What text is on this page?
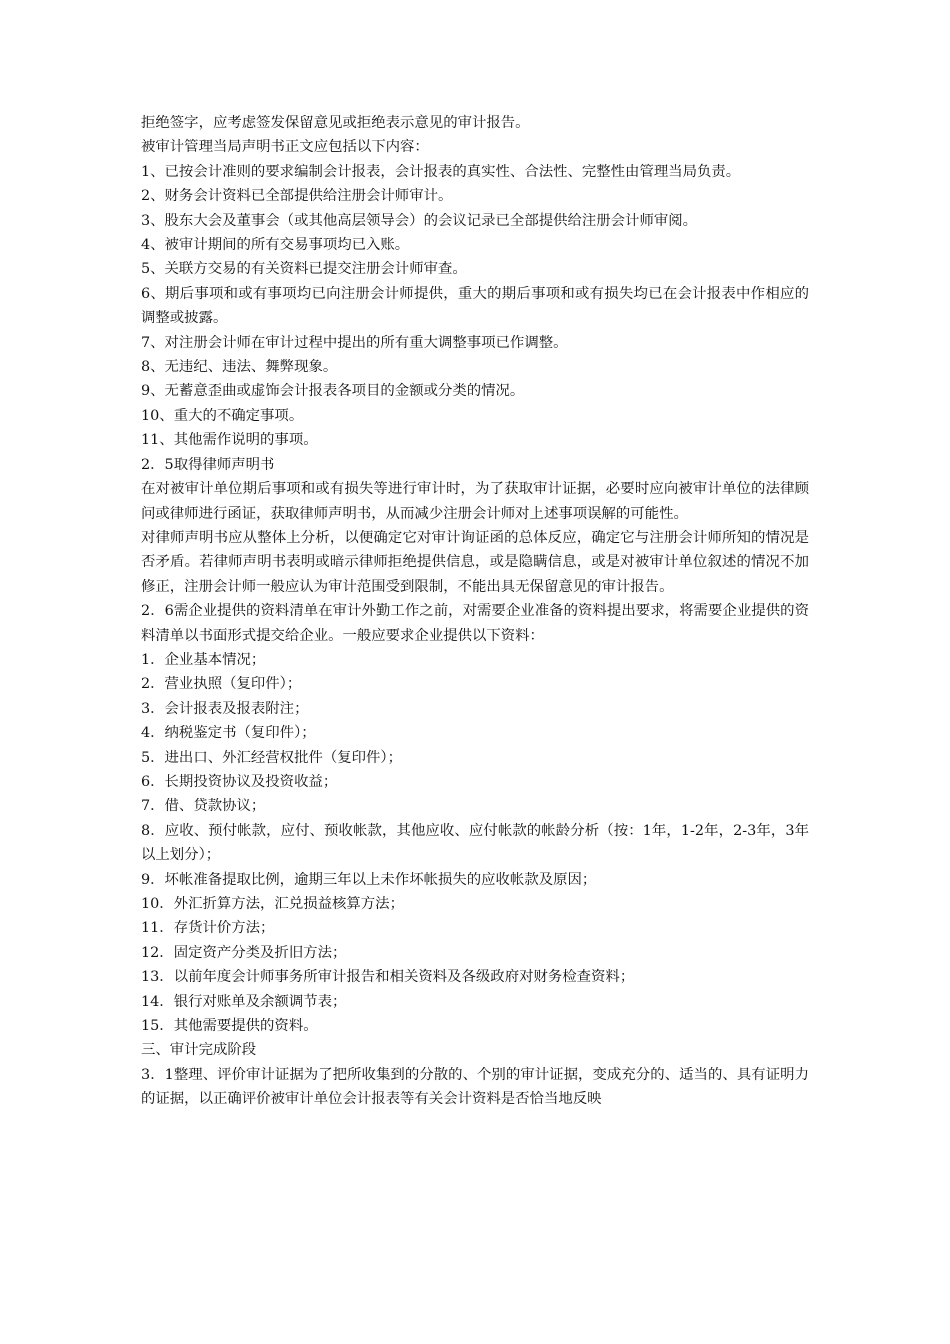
拒绝签字，应考虑签发保留意见或拒绝表示意见的审计报告。

被审计管理当局声明书正文应包括以下内容：

1、已按会计准则的要求编制会计报表，会计报表的真实性、合法性、完整性由管理当局负责。

2、财务会计资料已全部提供给注册会计师审计。

3、股东大会及董事会（或其他高层领导会）的会议记录已全部提供给注册会计师审阅。

4、被审计期间的所有交易事项均已入账。

5、关联方交易的有关资料已提交注册会计师审查。

6、期后事项和或有事项均已向注册会计师提供，重大的期后事项和或有损失均已在会计报表中作相应的调整或披露。

7、对注册会计师在审计过程中提出的所有重大调整事项已作调整。

8、无违纪、违法、舞弊现象。

9、无蓄意歪曲或虚饰会计报表各项目的金额或分类的情况。

10、重大的不确定事项。

11、其他需作说明的事项。

2．5取得律师声明书

在对被审计单位期后事项和或有损失等进行审计时，为了获取审计证据，必要时应向被审计单位的法律顾问或律师进行函证，获取律师声明书，从而减少注册会计师对上述事项误解的可能性。

对律师声明书应从整体上分析，以便确定它对审计询证函的总体反应，确定它与注册会计师所知的情况是否矛盾。若律师声明书表明或暗示律师拒绝提供信息，或是隐瞒信息，或是对被审计单位叙述的情况不加修正，注册会计师一般应认为审计范围受到限制，不能出具无保留意见的审计报告。

2．6需企业提供的资料清单在审计外勤工作之前，对需要企业准备的资料提出要求，将需要企业提供的资料清单以书面形式提交给企业。一般应要求企业提供以下资料：

1．企业基本情况；

2．营业执照（复印件）；

3．会计报表及报表附注；

4．纳税鉴定书（复印件）；

5．进出口、外汇经营权批件（复印件）；

6．长期投资协议及投资收益；

7．借、贷款协议；

8．应收、预付帐款，应付、预收帐款，其他应收、应付帐款的帐龄分析（按：1年，1-2年，2-3年，3年以上划分）；

9．坏帐准备提取比例，逾期三年以上未作坏帐损失的应收帐款及原因；

10．外汇折算方法，汇兑损益核算方法；

11．存货计价方法；

12．固定资产分类及折旧方法；

13．以前年度会计师事务所审计报告和相关资料及各级政府对财务检查资料；

14．银行对账单及余额调节表；

15．其他需要提供的资料。

三、审计完成阶段

3．1整理、评价审计证据为了把所收集到的分散的、个别的审计证据，变成充分的、适当的、具有证明力的证据，以正确评价被审计单位会计报表等有关会计资料是否恰当地反映
